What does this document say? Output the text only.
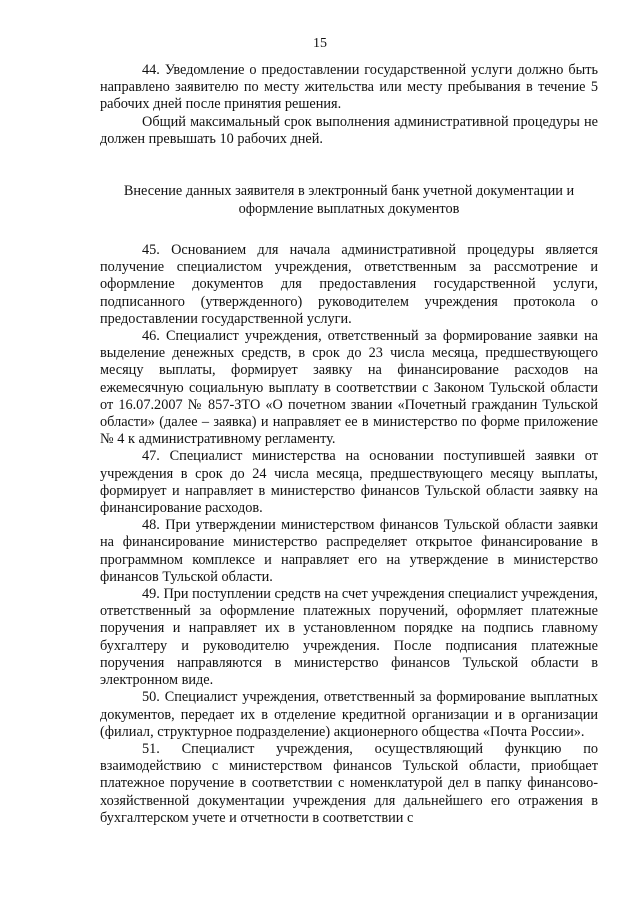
15

44. Уведомление о предоставлении государственной услуги должно быть направлено заявителю по месту жительства или месту пребывания в течение 5 рабочих дней после принятия решения.

Общий максимальный срок выполнения административной процедуры не должен превышать 10 рабочих дней.

Внесение данных заявителя в электронный банк учетной документации и оформление выплатных документов

45. Основанием для начала административной процедуры является получение специалистом учреждения, ответственным за рассмотрение и оформление документов для предоставления государственной услуги, подписанного (утвержденного) руководителем учреждения протокола о предоставлении государственной услуги.

46. Специалист учреждения, ответственный за формирование заявки на выделение денежных средств, в срок до 23 числа месяца, предшествующего месяцу выплаты, формирует заявку на финансирование расходов на ежемесячную социальную выплату в соответствии с Законом Тульской области от 16.07.2007 № 857-ЗТО «О почетном звании «Почетный гражданин Тульской области» (далее – заявка) и направляет ее в министерство по форме приложение № 4 к административному регламенту.

47. Специалист министерства на основании поступившей заявки от учреждения в срок до 24 числа месяца, предшествующего месяцу выплаты, формирует и направляет в министерство финансов Тульской области заявку на финансирование расходов.

48. При утверждении министерством финансов Тульской области заявки на финансирование министерство распределяет открытое финансирование в программном комплексе и направляет его на утверждение в министерство финансов Тульской области.

49. При поступлении средств на счет учреждения специалист учреждения, ответственный за оформление платежных поручений, оформляет платежные поручения и направляет их в установленном порядке на подпись главному бухгалтеру и руководителю учреждения. После подписания платежные поручения направляются в министерство финансов Тульской области в электронном виде.

50. Специалист учреждения, ответственный за формирование выплатных документов, передает их в отделение кредитной организации и в организации (филиал, структурное подразделение) акционерного общества «Почта России».

51. Специалист учреждения, осуществляющий функцию по взаимодействию с министерством финансов Тульской области, приобщает платежное поручение в соответствии с номенклатурой дел в папку финансово-хозяйственной документации учреждения для дальнейшего его отражения в бухгалтерском учете и отчетности в соответствии с
